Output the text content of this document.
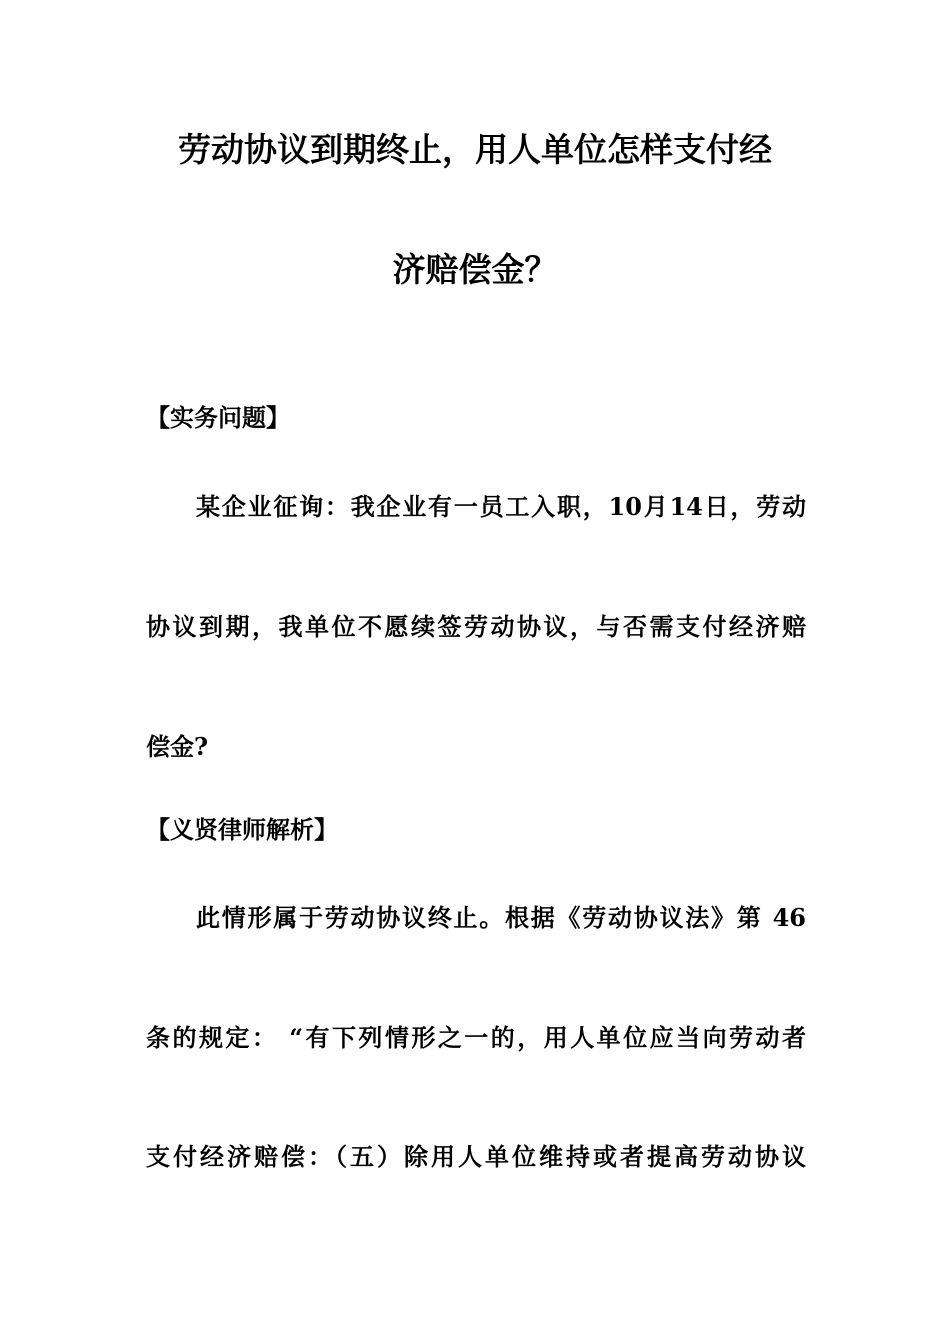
劳动协议到期终止，用人单位怎样支付经
济赔偿金？
【实务问题】
某企业征询：我企业有一员工入职，10月14日，劳动
协议到期，我单位不愿续签劳动协议，与否需支付经济赔
偿金?
【义贤律师解析】
此情形属于劳动协议终止。根据《劳动协议法》第 46
条的规定： “有下列情形之一的，用人单位应当向劳动者
支付经济赔偿：（五）除用人单位维持或者提高劳动协议
